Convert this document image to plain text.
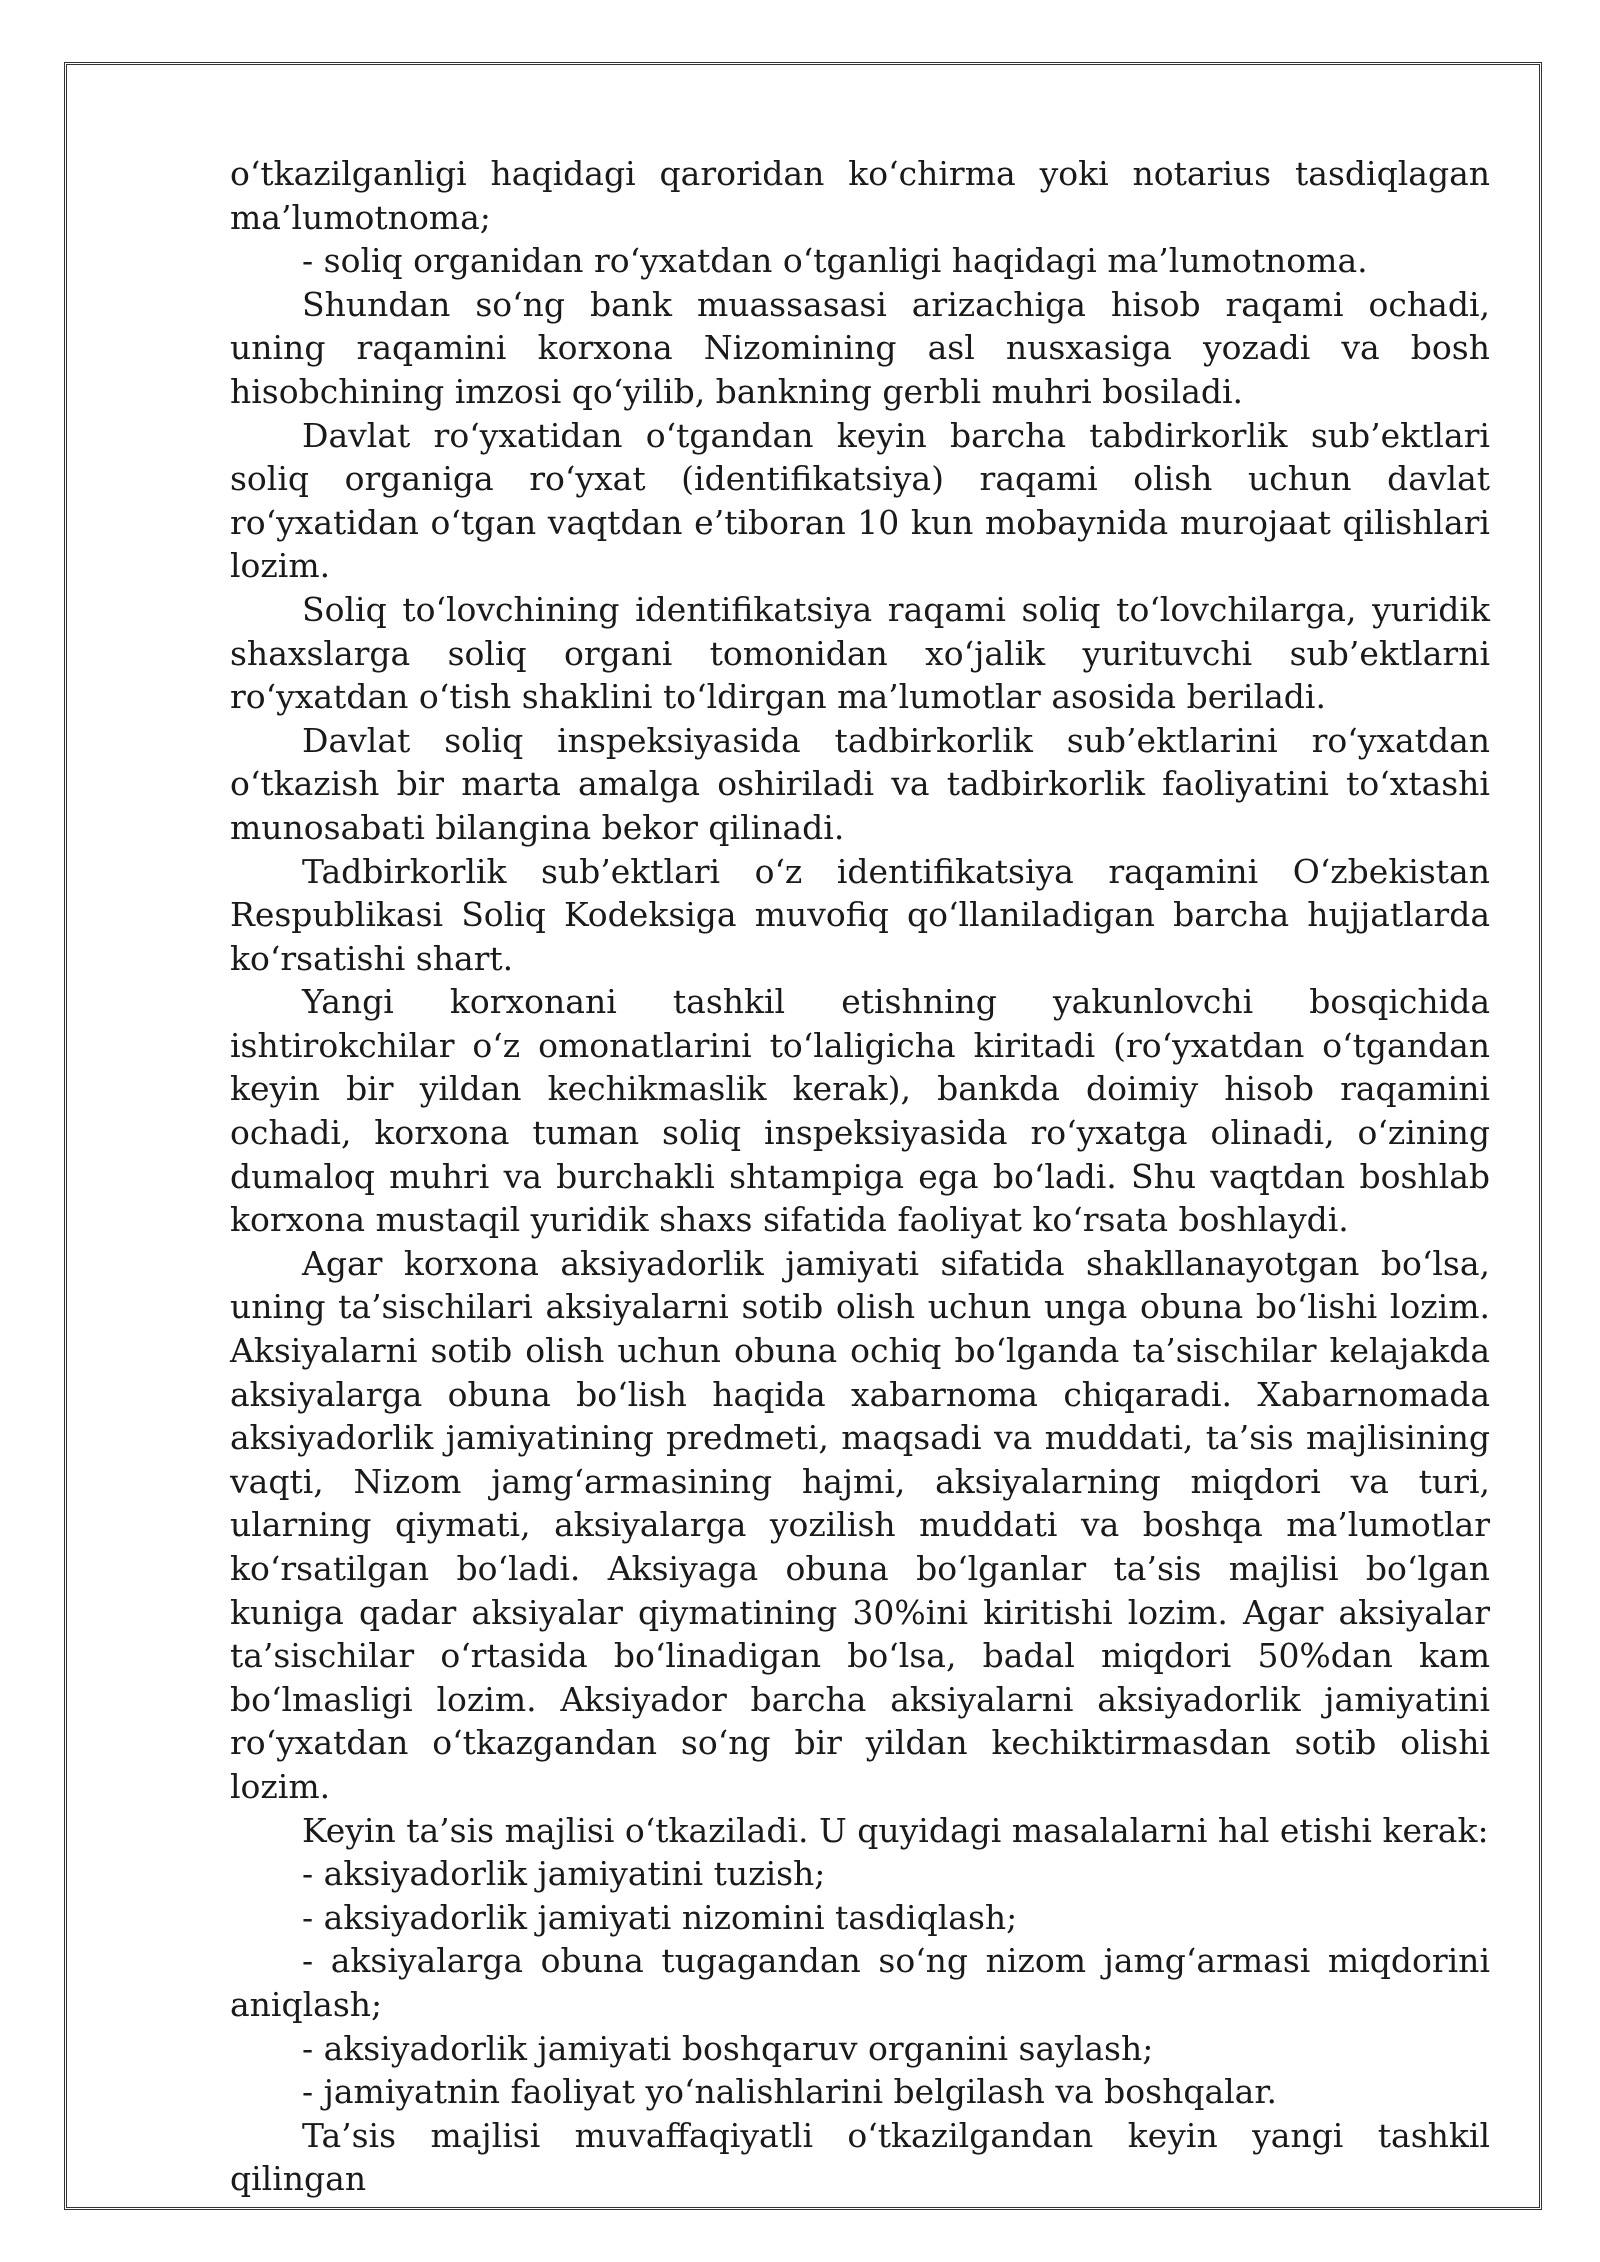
o‘tkazilganligi haqidagi qaroridan ko‘chirma yoki notarius tasdiqlagan ma’lumotnoma;

- soliq organidan ro‘yxatdan o‘tganligi haqidagi ma’lumotnoma.

Shundan so‘ng bank muassasasi arizachiga hisob raqami ochadi, uning raqamini korxona Nizomining asl nusxasiga yozadi va bosh hisobchining imzosi qo‘yilib, bankning gerbli muhri bosiladi.

Davlat ro‘yxatidan o‘tgandan keyin barcha tabdirkorlik sub’ektlari soliq organiga ro‘yxat (identifikatsiya) raqami olish uchun davlat ro‘yxatidan o‘tgan vaqtdan e’tiboran 10 kun mobaynida murojaat qilishlari lozim.

Soliq to‘lovchining identifikatsiya raqami soliq to‘lovchilarga, yuridik shaxslarga soliq organi tomonidan xo‘jalik yurituvchi sub’ektlarni ro‘yxatdan o‘tish shaklini to‘ldirgan ma’lumotlar asosida beriladi.

Davlat soliq inspeksiyasida tadbirkorlik sub’ektlarini ro‘yxatdan o‘tkazish bir marta amalga oshiriladi va tadbirkorlik faoliyatini to‘xtashi munosabati bilangina bekor qilinadi.

Tadbirkorlik sub’ektlari o‘z identifikatsiya raqamini O‘zbekistan Respublikasi Soliq Kodeksiga muvofiq qo‘llaniladigan barcha hujjatlarda ko‘rsatishi shart.

Yangi korxonani tashkil etishning yakunlovchi bosqichida ishtirokchilar o‘z omonatlarini to‘laligicha kiritadi (ro‘yxatdan o‘tgandan keyin bir yildan kechikmaslik kerak), bankda doimiy hisob raqamini ochadi, korxona tuman soliq inspeksiyasida ro‘yxatga olinadi, o‘zining dumaloq muhri va burchakli shtampiga ega bo‘ladi. Shu vaqtdan boshlab korxona mustaqil yuridik shaxs sifatida faoliyat ko‘rsata boshlaydi.

Agar korxona aksiyadorlik jamiyati sifatida shakllanayotgan bo‘lsa, uning ta’sischilari aksiyalarni sotib olish uchun unga obuna bo‘lishi lozim. Aksiyalarni sotib olish uchun obuna ochiq bo‘lganda ta’sischilar kelajakda aksiyalarga obuna bo‘lish haqida xabarnoma chiqaradi. Xabarnomada aksiyadorlik jamiyatining predmeti, maqsadi va muddati, ta’sis majlisining vaqti, Nizom jamg‘armasining hajmi, aksiyalarning miqdori va turi, ularning qiymati, aksiyalarga yozilish muddati va boshqa ma’lumotlar ko‘rsatilgan bo‘ladi. Aksiyaga obuna bo‘lganlar ta’sis majlisi bo‘lgan kuniga qadar aksiyalar qiymatining 30%ini kiritishi lozim. Agar aksiyalar ta’sischilar o‘rtasida bo‘linadigan bo‘lsa, badal miqdori 50%dan kam bo‘lmasligi lozim. Aksiyador barcha aksiyalarni aksiyadorlik jamiyatini ro‘yxatdan o‘tkazgandan so‘ng bir yildan kechiktirmasdan sotib olishi lozim.

Keyin ta’sis majlisi o‘tkaziladi. U quyidagi masalalarni hal etishi kerak:

- aksiyadorlik jamiyatini tuzish;

- aksiyadorlik jamiyati nizomini tasdiqlash;

- aksiyalarga obuna tugagandan so‘ng nizom jamg‘armasi miqdorini aniqlash;

- aksiyadorlik jamiyati boshqaruv organini saylash;

- jamiyatnin faoliyat yo‘nalishlarini belgilash va boshqalar.

Ta’sis majlisi muvaffaqiyatli o‘tkazilgandan keyin yangi tashkil qilingan
